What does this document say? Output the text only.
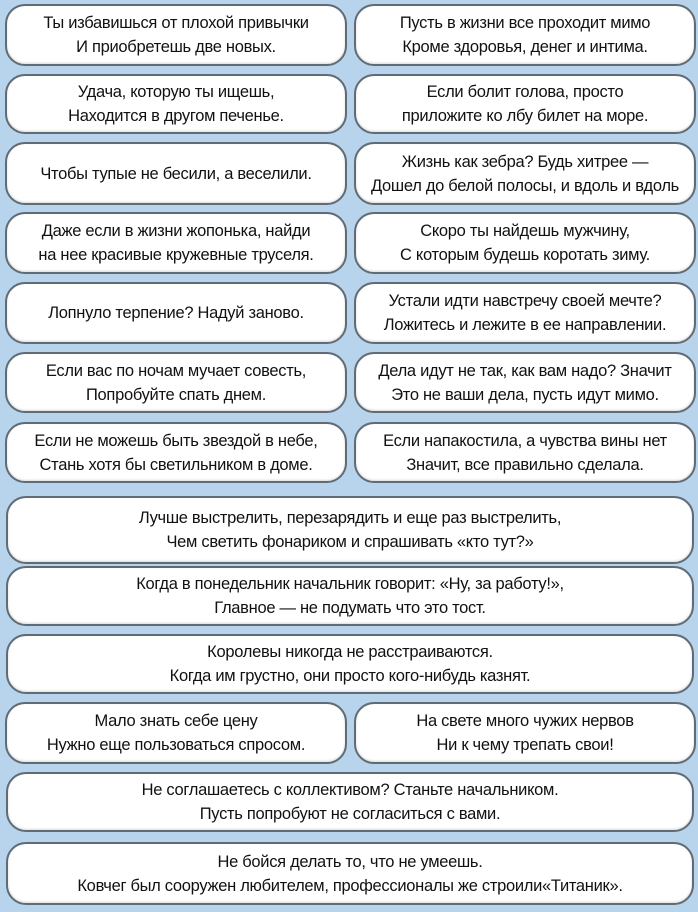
Ты избавишься от плохой привычки
И приобретешь две новых.
Пусть в жизни все проходит мимо
Кроме здоровья, денег и интима.
Удача, которую ты ищешь,
Находится в другом печенье.
Если болит голова, просто
приложите ко лбу билет на море.
Чтобы тупые не бесили, а веселили.
Жизнь как зебра? Будь хитрее —
Дошел до белой полосы, и вдоль и вдоль
Даже если в жизни жопонька, найди
на нее красивые кружевные труселя.
Скоро ты найдешь мужчину,
С которым будешь коротать зиму.
Лопнуло терпение? Надуй заново.
Устали идти навстречу своей мечте?
Ложитесь и лежите в ее направлении.
Если вас по ночам мучает совесть,
Попробуйте спать днем.
Дела идут не так, как вам надо? Значит
Это не ваши дела, пусть идут мимо.
Если не можешь быть звездой в небе,
Стань хотя бы светильником в доме.
Если напакостила, а чувства вины нет
Значит, все правильно сделала.
Лучше выстрелить, перезарядить и еще раз выстрелить,
Чем светить фонариком и спрашивать «кто тут?»
Когда в понедельник начальник говорит: «Ну, за работу!»,
Главное — не подумать что это тост.
Королевы никогда не расстраиваются.
Когда им грустно, они просто кого-нибудь казнят.
Мало знать себе цену
Нужно еще пользоваться спросом.
На свете много чужих нервов
Ни к чему трепать свои!
Не соглашаетесь с коллективом? Станьте начальником.
Пусть попробуют не согласиться с вами.
Не бойся делать то, что не умеешь.
Ковчег был сооружен любителем, профессионалы же строили«Титаник».
